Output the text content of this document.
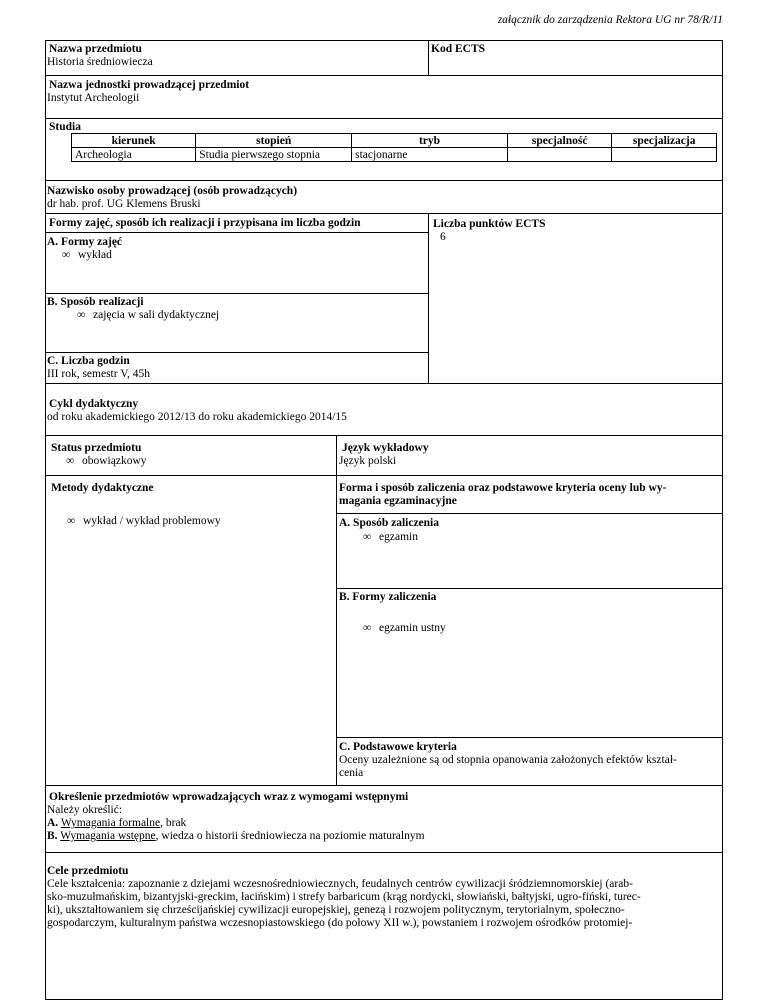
załącznik do zarządzenia Rektora UG nr 78/R/11
Nazwa przedmiotu
Historia średniowiecza
Kod ECTS
Nazwa jednostki prowadzącej przedmiot
Instytut Archeologii
Studia
kierunek	stopień	tryb	specjalność	specjalizacja
Archeologia	Studia pierwszego stopnia	stacjonarne		
Nazwisko osoby prowadzącej (osób prowadzących)
dr hab. prof. UG Klemens Bruski
Formy zajęć, sposób ich realizacji i przypisana im liczba godzin
A. Formy zajęć
∞ wykład
B. Sposób realizacji
∞ zajęcia w sali dydaktycznej
C. Liczba godzin
III rok, semestr V, 45h
Liczba punktów ECTS
6
Cykl dydaktyczny
od roku akademickiego 2012/13 do roku akademickiego 2014/15
Status przedmiotu
∞ obowiązkowy
Język wykładowy
Język polski
Metody dydaktyczne
∞ wykład / wykład problemowy
Forma i sposób zaliczenia oraz podstawowe kryteria oceny lub wy-
magania egzaminacyjne
A. Sposób zaliczenia
∞ egzamin
B. Formy zaliczenia
∞ egzamin ustny
C. Podstawowe kryteria
Oceny uzależnione są od stopnia opanowania założonych efektów kształ-
cenia
Określenie przedmiotów wprowadzających wraz z wymogami wstępnymi
Należy określić:
A. Wymagania formalne, brak
B. Wymagania wstępne, wiedza o historii średniowiecza na poziomie maturalnym
Cele przedmiotu
Cele kształcenia: zapoznanie z dziejami wczesnośredniowiecznych, feudalnych centrów cywilizacji śródziemnomorskiej (arab-
sko-muzułmańskim, bizantyjski-greckim, łacińskim) i strefy barbaricum (krąg nordycki, słowiański, bałtyjski, ugro-fiński, turec-
ki), ukształtowaniem się chrześcijańskiej cywilizacji europejskiej, genezą i rozwojem politycznym, terytorialnym, społeczno-
gospodarczym, kulturalnym państwa wczesnopiastowskiego (do połowy XII w.), powstaniem i rozwojem ośrodków protomiej-
